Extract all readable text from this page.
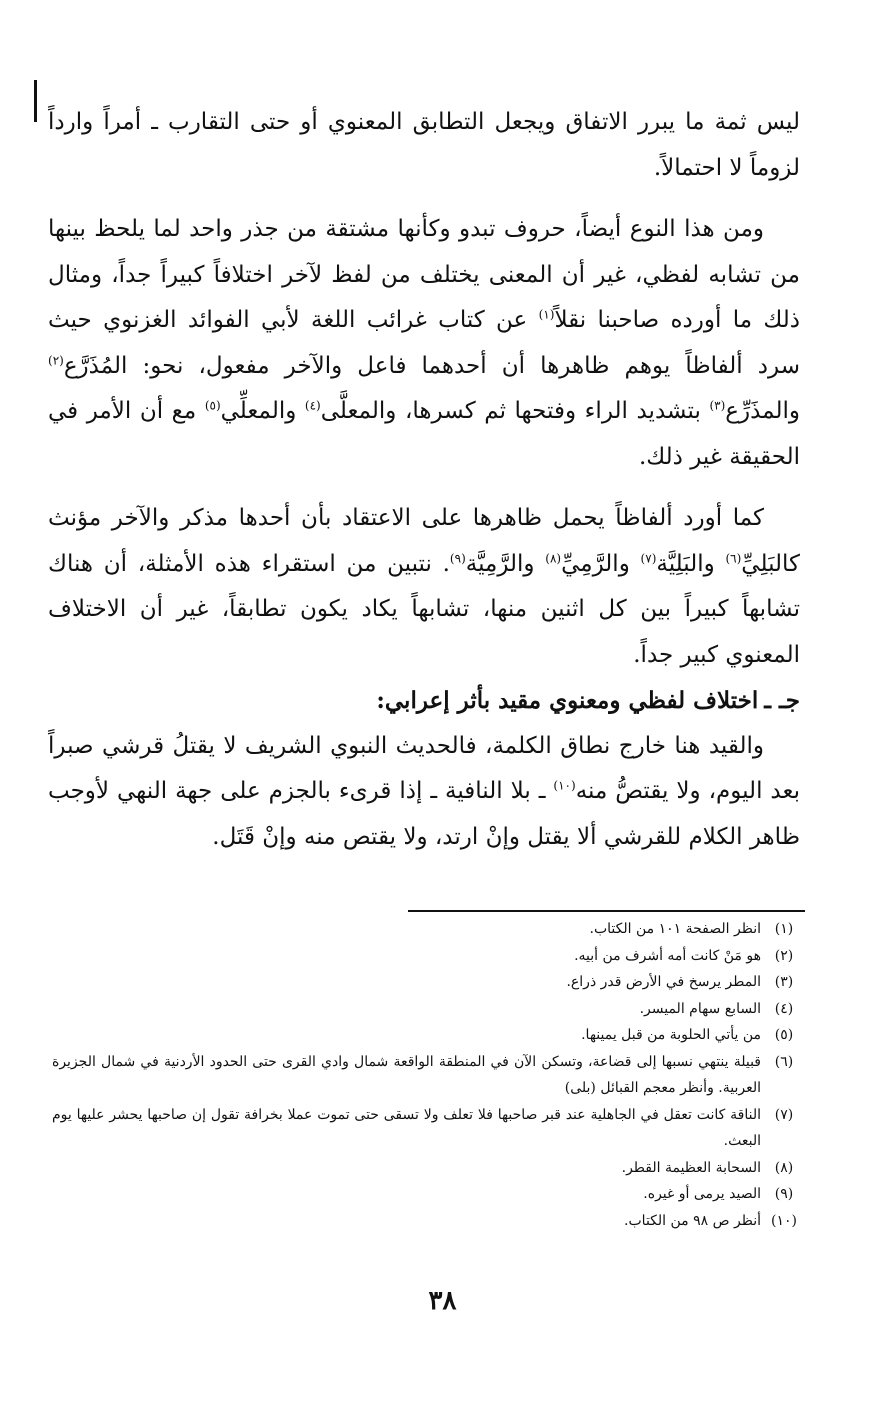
ليس ثمة ما يبرر الاتفاق ويجعل التطابق المعنوي أو حتى التقارب ـ أمراً وارداً لزوماً لا احتمالاً.

ومن هذا النوع أيضاً، حروف تبدو وكأنها مشتقة من جذر واحد لما يلحظ بينها من تشابه لفظي، غير أن المعنى يختلف من لفظ لآخر اختلافاً كبيراً جداً، ومثال ذلك ما أورده صاحبنا نقلاً$^{(١)}$ عن كتاب غرائب اللغة لأبي الفوائد الغزنوي حيث سرد ألفاظاً يوهم ظاهرها أن أحدهما فاعل والآخر مفعول، نحو: المُذَرَّع$^{(٢)}$ والمذَرِّع$^{(٣)}$ بتشديد الراء وفتحها ثم كسرها، والمعلَّى$^{(٤)}$ والمعلِّي$^{(٥)}$ مع أن الأمر في الحقيقة غير ذلك.

كما أورد ألفاظاً يحمل ظاهرها على الاعتقاد بأن أحدها مذكر والآخر مؤنث كالبَلِيِّ$^{(٦)}$ والبَلِيَّة$^{(٧)}$ والرَّمِيِّ$^{(٨)}$ والرَّمِيَّة$^{(٩)}$. نتبين من استقراء هذه الأمثلة، أن هناك تشابهاً كبيراً بين كل اثنين منها، تشابهاً يكاد يكون تطابقاً، غير أن الاختلاف المعنوي كبير جداً.

جـ ـاختلاف لفظي ومعنوي مقيد بأثر إعرابي:

والقيد هنا خارج نطاق الكلمة، فالحديث النبوي الشريف لا يقتلُ قرشي صبراً بعد اليوم، ولا يقتصُّ منه$^{(١٠)}$ ـ بلا النافية ـ إذا قرىء بالجزم على جهة النهي لأوجب ظاهر الكلام للقرشي ألا يقتل وإنْ ارتد، ولا يقتص منه وإنْ قَتَل.

(١)
انظر الصفحة ١٠١ من الكتاب.
(٢)
هو مَنْ كانت أمه أشرف من أبيه.
(٣)
المطر يرسخ في الأرض قدر ذراع.
(٤)
السابع سهام الميسر.
(٥)
من يأتي الحلوبة من قبل يمينها.
(٦)
قبيلة ينتهي نسبها إلى قضاعة، وتسكن الآن في المنطقة الواقعة شمال وادي القرى حتى الحدود الأردنية في شمال الجزيرة العربية. وأنظر معجم القبائل (بلى)
(٧)
الناقة كانت تعقل في الجاهلية عند قبر صاحبها فلا تعلف ولا تسقى حتى تموت عملا بخرافة تقول إن صاحبها يحشر عليها يوم البعث.
(٨)
السحابة العظيمة القطر.
(٩)
الصيد يرمى أو غيره.
(١٠)
أنظر ص ٩٨ من الكتاب.
٣٨
